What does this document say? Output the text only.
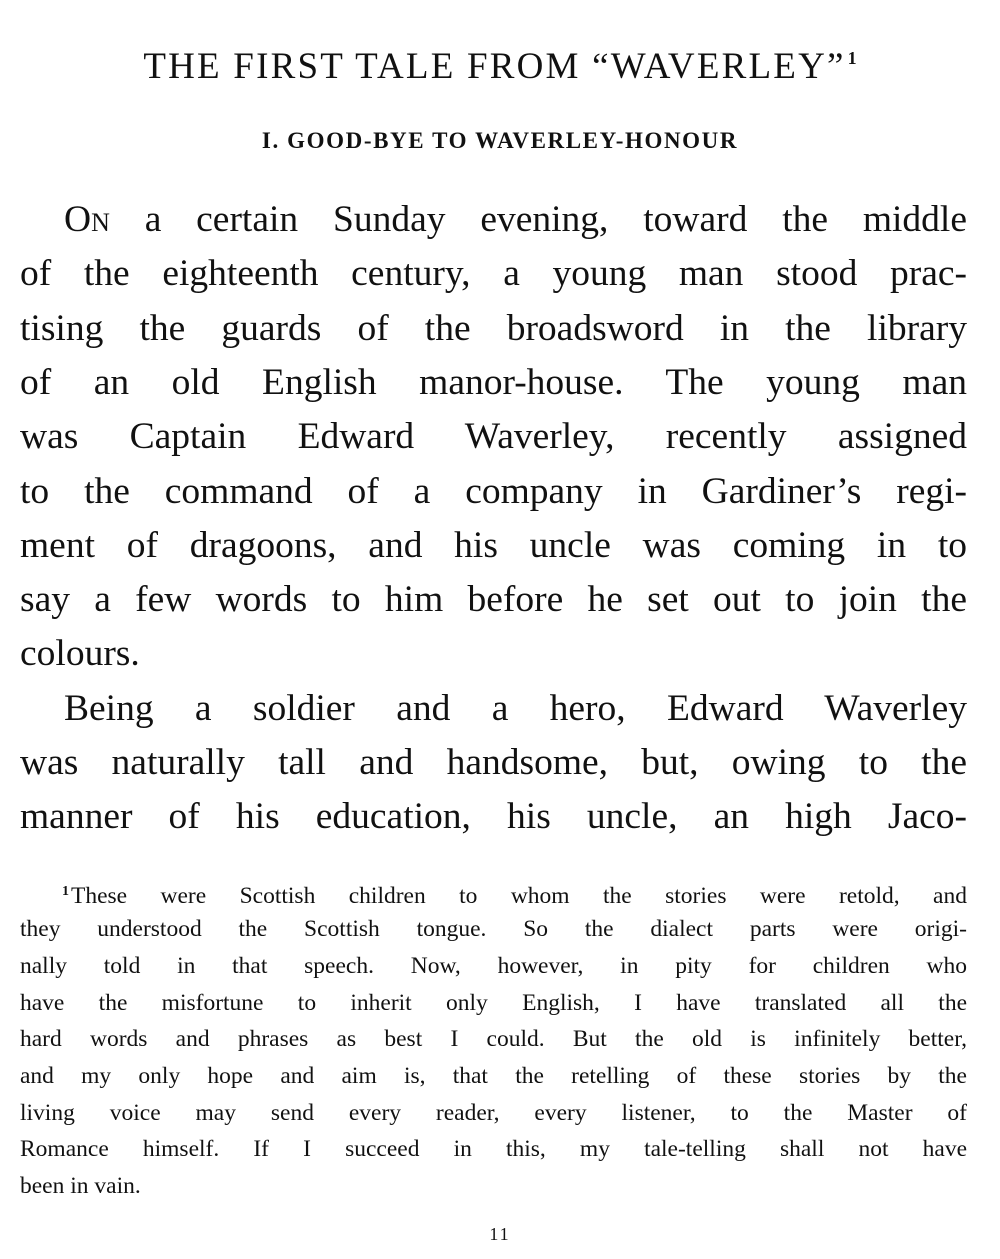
THE FIRST TALE FROM “WAVERLEY” $^1$
I. GOOD-BYE TO WAVERLEY-HONOUR
On a certain Sunday evening, toward the middle
of the eighteenth century, a young man stood prac-
tising the guards of the broadsword in the library
of an old English manor-house. The young man
was Captain Edward Waverley, recently assigned
to the command of a company in Gardiner’s regi-
ment of dragoons, and his uncle was coming in to
say a few words to him before he set out to join the
colours.
Being a soldier and a hero, Edward Waverley
was naturally tall and handsome, but, owing to the
manner of his education, his uncle, an high Jaco-
$^1$These were Scottish children to whom the stories were retold, and
they understood the Scottish tongue. So the dialect parts were origi-
nally told in that speech. Now, however, in pity for children who
have the misfortune to inherit only English, I have translated all the
hard words and phrases as best I could. But the old is infinitely better,
and my only hope and aim is, that the retelling of these stories by the
living voice may send every reader, every listener, to the Master of
Romance himself. If I succeed in this, my tale-telling shall not have
been in vain.
11
